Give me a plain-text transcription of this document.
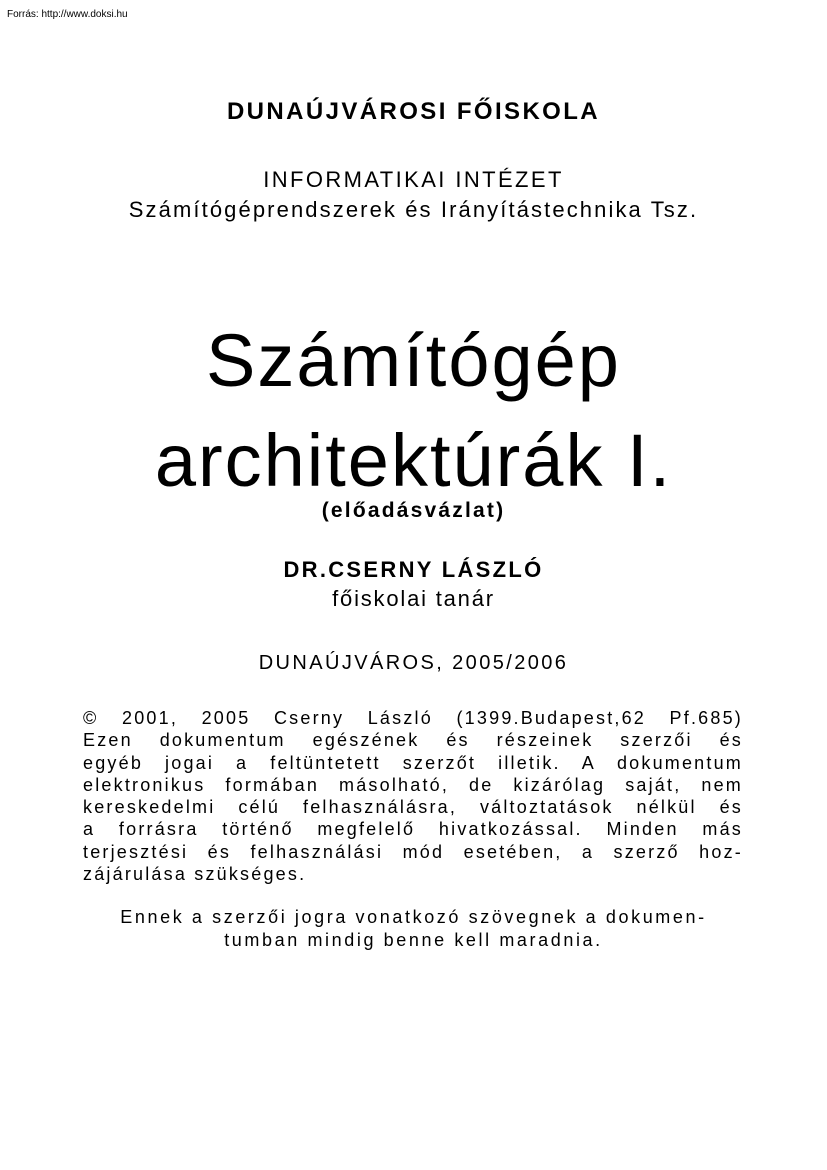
Forrás: http://www.doksi.hu
DUNAÚJVÁROSI FŐISKOLA
INFORMATIKAI INTÉZET
Számítógéprendszerek és Irányítástechnika Tsz.
Számítógép
architektúrák I.
(előadásvázlat)
DR.CSERNY LÁSZLÓ
főiskolai tanár
DUNAÚJVÁROS, 2005/2006
© 2001, 2005 Cserny László (1399.Budapest,62 Pf.685)
Ezen dokumentum egészének és részeinek szerzői és
egyéb jogai a feltüntetett szerzőt illetik. A dokumentum
elektronikus formában másolható, de kizárólag saját, nem
kereskedelmi célú felhasználásra, változtatások nélkül és
a forrásra történő megfelelő hivatkozással. Minden más
terjesztési és felhasználási mód esetében, a szerző hoz-
zájárulása szükséges.
Ennek a szerzői jogra vonatkozó szövegnek a dokumen-
tumban mindig benne kell maradnia.
